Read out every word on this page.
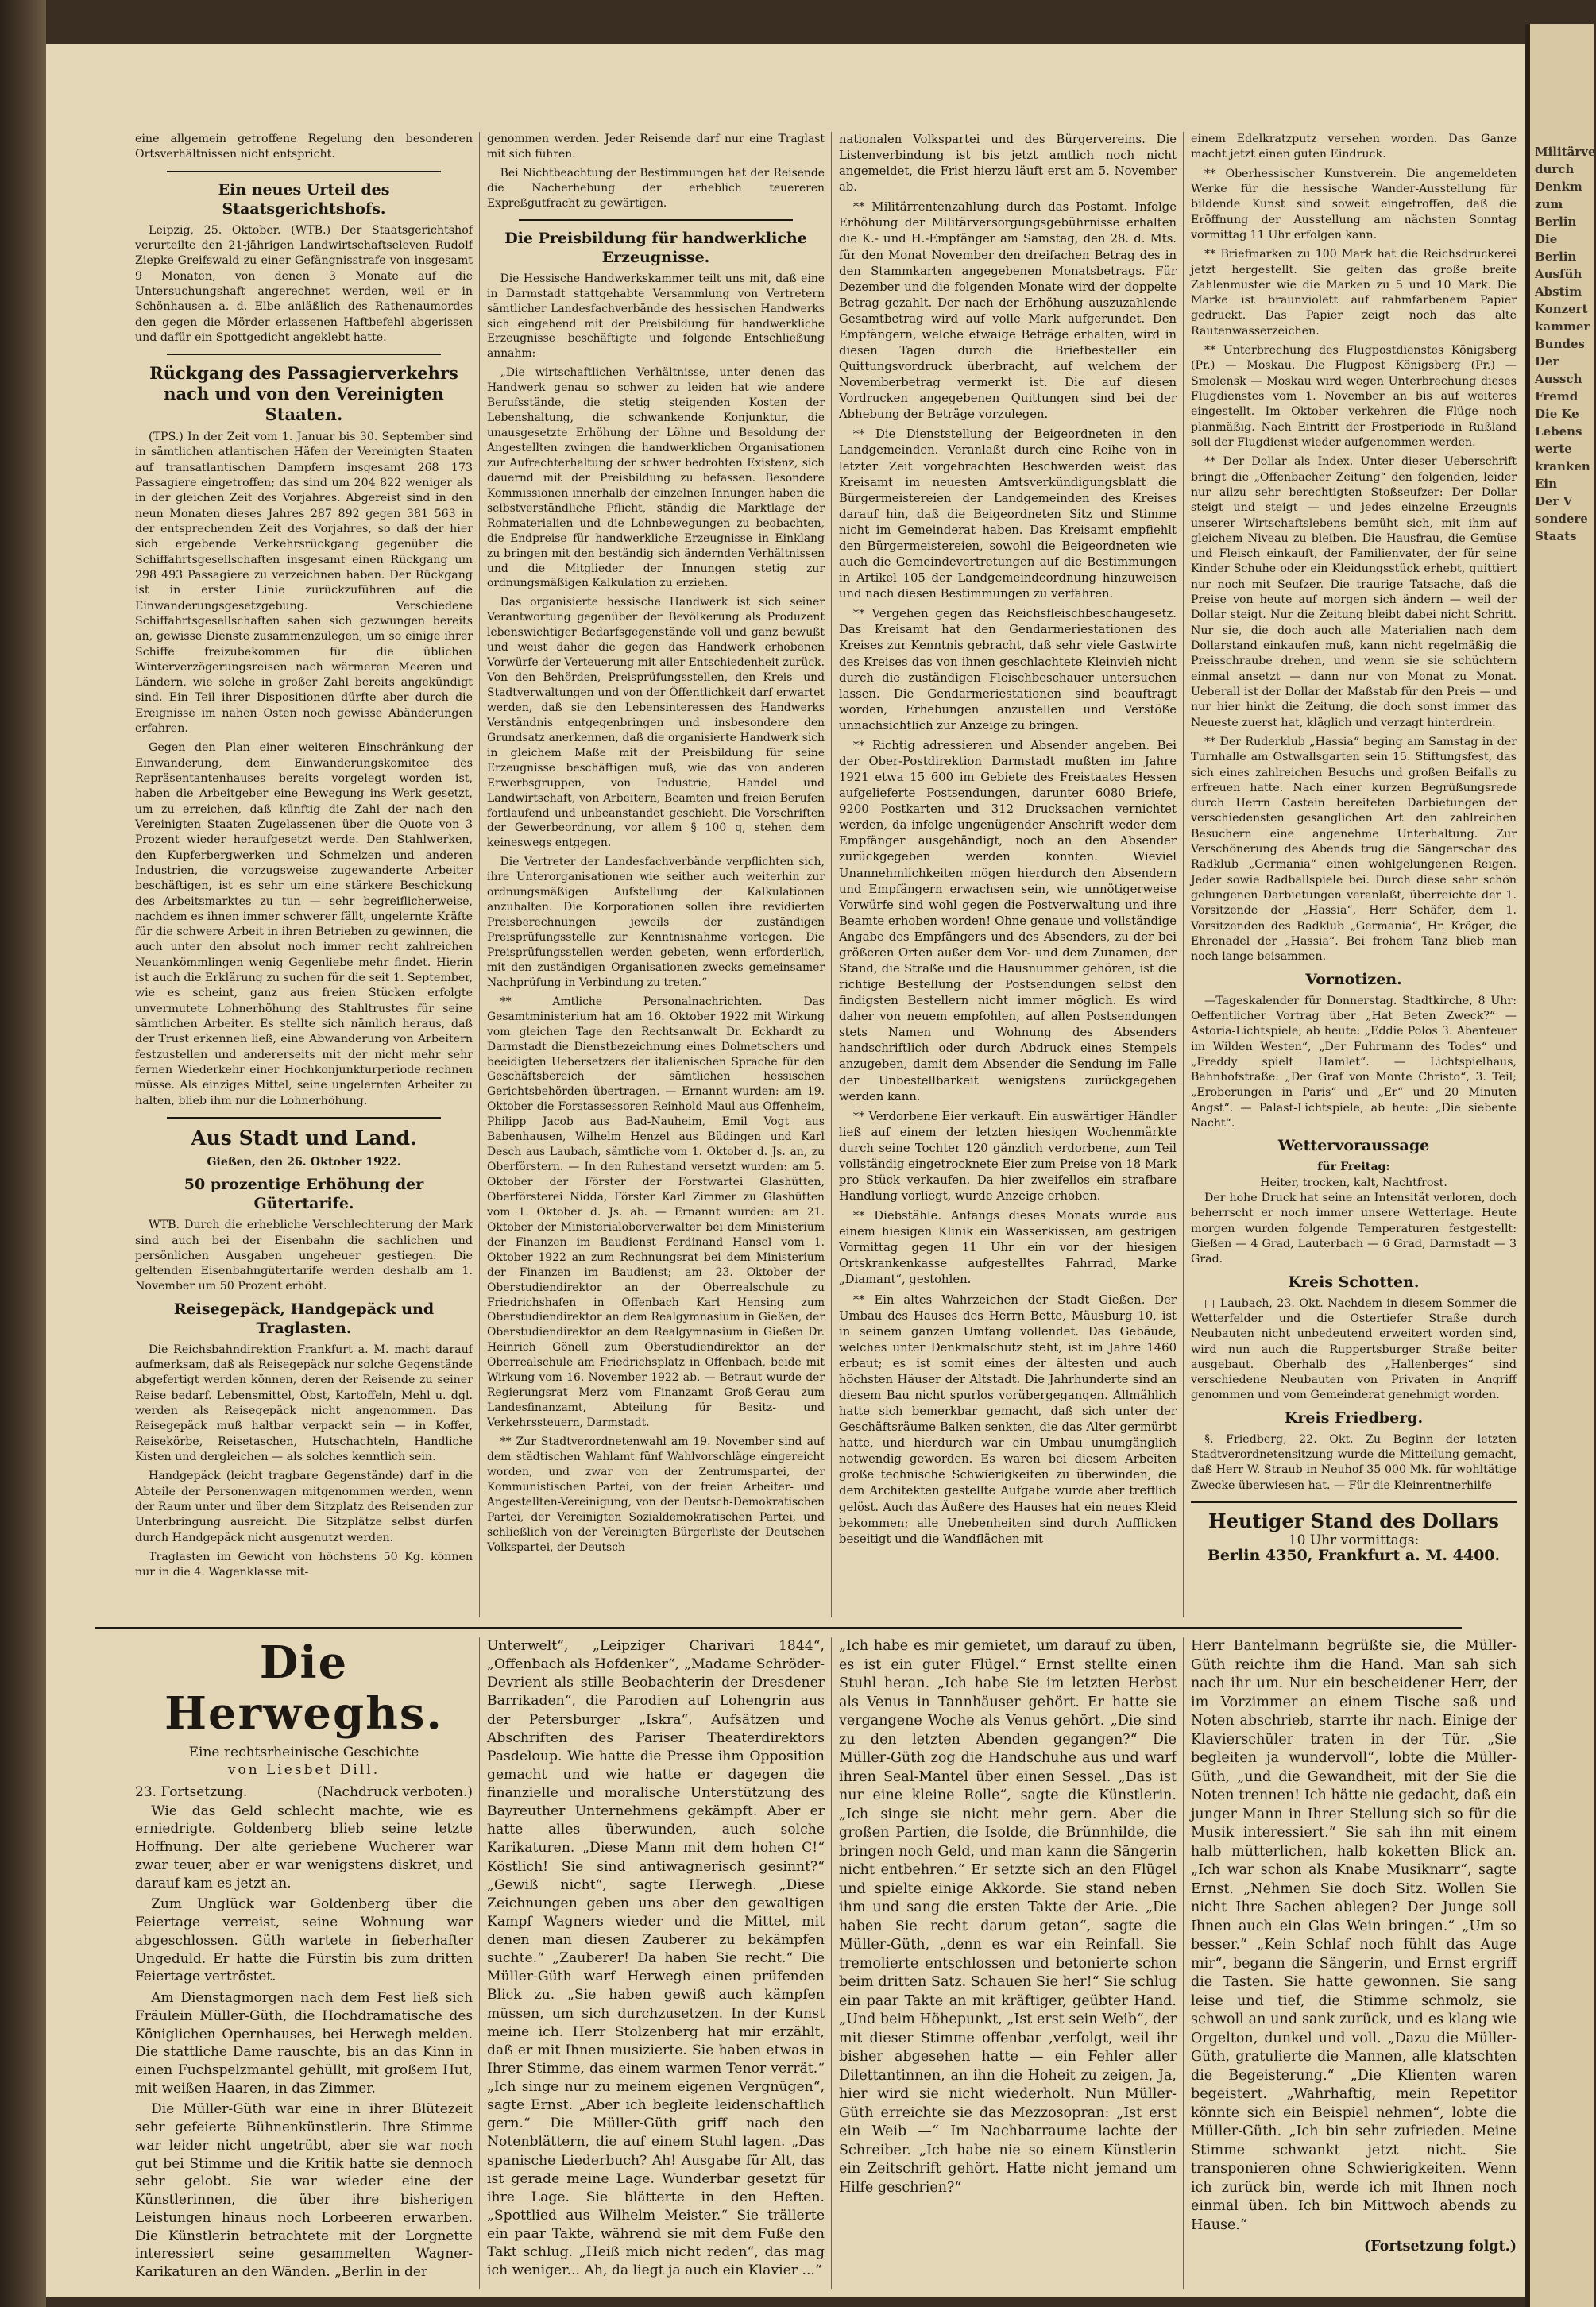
eine allgemein getroffene Regelung den besonderen Ortsverhältnissen nicht entspricht.

Ein neues Urteil des Staatsgerichtshofs.

Leipzig, 25. Oktober. (WTB.) Der Staatsgerichtshof verurteilte den 21-jährigen Landwirtschaftseleven Rudolf Ziepke-Greifswald zu einer Gefängnisstrafe von insgesamt 9 Monaten, von denen 3 Monate auf die Untersuchungshaft angerechnet werden, weil er in Schönhausen a. d. Elbe anläßlich des Rathenaumordes den gegen die Mörder erlassenen Haftbefehl abgerissen und dafür ein Spottgedicht angeklebt hatte.

Rückgang des Passagierverkehrs nach und von den Vereinigten Staaten.

(TPS.) In der Zeit vom 1. Januar bis 30. September sind in sämtlichen atlantischen Häfen der Vereinigten Staaten auf transatlantischen Dampfern insgesamt 268 173 Passagiere eingetroffen; das sind um 204 822 weniger als in der gleichen Zeit des Vorjahres. Abgereist sind in den neun Monaten dieses Jahres 287 892 gegen 381 563 in der entsprechenden Zeit des Vorjahres, so daß der hier sich ergebende Verkehrsrückgang gegenüber die Schiffahrtsgesellschaften insgesamt einen Rückgang um 298 493 Passagiere zu verzeichnen haben. Der Rückgang ist in erster Linie zurückzuführen auf die Einwanderungsgesetzgebung. Verschiedene Schiffahrtsgesellschaften sahen sich gezwungen bereits an, gewisse Dienste zusammenzulegen, um so einige ihrer Schiffe freizubekommen für die üblichen Winterverzögerungsreisen nach wärmeren Meeren und Ländern, wie solche in großer Zahl bereits angekündigt sind. Ein Teil ihrer Dispositionen dürfte aber durch die Ereignisse im nahen Osten noch gewisse Abänderungen erfahren.

Gegen den Plan einer weiteren Einschränkung der Einwanderung, dem Einwanderungskomitee des Repräsentantenhauses bereits vorgelegt worden ist, haben die Arbeitgeber eine Bewegung ins Werk gesetzt, um zu erreichen, daß künftig die Zahl der nach den Vereinigten Staaten Zugelassenen über die Quote von 3 Prozent wieder heraufgesetzt werde. Den Stahlwerken, den Kupferbergwerken und Schmelzen und anderen Industrien, die vorzugsweise zugewanderte Arbeiter beschäftigen, ist es sehr um eine stärkere Beschickung des Arbeitsmarktes zu tun — sehr begreiflicherweise, nachdem es ihnen immer schwerer fällt, ungelernte Kräfte für die schwere Arbeit in ihren Betrieben zu gewinnen, die auch unter den absolut noch immer recht zahlreichen Neuankömmlingen wenig Gegenliebe mehr findet. Hierin ist auch die Erklärung zu suchen für die seit 1. September, wie es scheint, ganz aus freien Stücken erfolgte unvermutete Lohnerhöhung des Stahltrustes für seine sämtlichen Arbeiter. Es stellte sich nämlich heraus, daß der Trust erkennen ließ, eine Abwanderung von Arbeitern festzustellen und andererseits mit der nicht mehr sehr fernen Wiederkehr einer Hochkonjunkturperiode rechnen müsse. Als einziges Mittel, seine ungelernten Arbeiter zu halten, blieb ihm nur die Lohnerhöhung.

Aus Stadt und Land.
Gießen, den 26. Oktober 1922.
50 prozentige Erhöhung der Gütertarife.

WTB. Durch die erhebliche Verschlechterung der Mark sind auch bei der Eisenbahn die sachlichen und persönlichen Ausgaben ungeheuer gestiegen. Die geltenden Eisenbahngütertarife werden deshalb am 1. November um 50 Prozent erhöht.

Reisegepäck, Handgepäck und Traglasten.

Die Reichsbahndirektion Frankfurt a. M. macht darauf aufmerksam, daß als Reisegepäck nur solche Gegenstände abgefertigt werden können, deren der Reisende zu seiner Reise bedarf. Lebensmittel, Obst, Kartoffeln, Mehl u. dgl. werden als Reisegepäck nicht angenommen. Das Reisegepäck muß haltbar verpackt sein — in Koffer, Reisekörbe, Reisetaschen, Hutschachteln, Handliche Kisten und dergleichen — als solches kenntlich sein.

Handgepäck (leicht tragbare Gegenstände) darf in die Abteile der Personenwagen mitgenommen werden, wenn der Raum unter und über dem Sitzplatz des Reisenden zur Unterbringung ausreicht. Die Sitzplätze selbst dürfen durch Handgepäck nicht ausgenutzt werden.

Traglasten im Gewicht von höchstens 50 Kg. können nur in die 4. Wagenklasse mit-

genommen werden. Jeder Reisende darf nur eine Traglast mit sich führen.

Bei Nichtbeachtung der Bestimmungen hat der Reisende die Nacherhebung der erheblich teuereren Expreßgutfracht zu gewärtigen.

Die Preisbildung für handwerkliche Erzeugnisse.

Die Hessische Handwerkskammer teilt uns mit, daß eine in Darmstadt stattgehabte Versammlung von Vertretern sämtlicher Landesfachverbände des hessischen Handwerks sich eingehend mit der Preisbildung für handwerkliche Erzeugnisse beschäftigte und folgende Entschließung annahm:

„Die wirtschaftlichen Verhältnisse, unter denen das Handwerk genau so schwer zu leiden hat wie andere Berufsstände, die stetig steigenden Kosten der Lebenshaltung, die schwankende Konjunktur, die unausgesetzte Erhöhung der Löhne und Besoldung der Angestellten zwingen die handwerklichen Organisationen zur Aufrechterhaltung der schwer bedrohten Existenz, sich dauernd mit der Preisbildung zu befassen. Besondere Kommissionen innerhalb der einzelnen Innungen haben die selbstverständliche Pflicht, ständig die Marktlage der Rohmaterialien und die Lohnbewegungen zu beobachten, die Endpreise für handwerkliche Erzeugnisse in Einklang zu bringen mit den beständig sich ändernden Verhältnissen und die Mitglieder der Innungen stetig zur ordnungsmäßigen Kalkulation zu erziehen.

Das organisierte hessische Handwerk ist sich seiner Verantwortung gegenüber der Bevölkerung als Produzent lebenswichtiger Bedarfsgegenstände voll und ganz bewußt und weist daher die gegen das Handwerk erhobenen Vorwürfe der Verteuerung mit aller Entschiedenheit zurück. Von den Behörden, Preisprüfungsstellen, den Kreis- und Stadtverwaltungen und von der Öffentlichkeit darf erwartet werden, daß sie den Lebensinteressen des Handwerks Verständnis entgegenbringen und insbesondere den Grundsatz anerkennen, daß die organisierte Handwerk sich in gleichem Maße mit der Preisbildung für seine Erzeugnisse beschäftigen muß, wie das von anderen Erwerbsgruppen, von Industrie, Handel und Landwirtschaft, von Arbeitern, Beamten und freien Berufen fortlaufend und unbeanstandet geschieht. Die Vorschriften der Gewerbeordnung, vor allem § 100 q, stehen dem keineswegs entgegen.

Die Vertreter der Landesfachverbände verpflichten sich, ihre Unterorganisationen wie seither auch weiterhin zur ordnungsmäßigen Aufstellung der Kalkulationen anzuhalten. Die Korporationen sollen ihre revidierten Preisberechnungen jeweils der zuständigen Preisprüfungsstelle zur Kenntnisnahme vorlegen. Die Preisprüfungsstellen werden gebeten, wenn erforderlich, mit den zuständigen Organisationen zwecks gemeinsamer Nachprüfung in Verbindung zu treten.“

** Amtliche Personalnachrichten. Das Gesamtministerium hat am 16. Oktober 1922 mit Wirkung vom gleichen Tage den Rechtsanwalt Dr. Eckhardt zu Darmstadt die Dienstbezeichnung eines Dolmetschers und beeidigten Uebersetzers der italienischen Sprache für den Geschäftsbereich der sämtlichen hessischen Gerichtsbehörden übertragen. — Ernannt wurden: am 19. Oktober die Forstassessoren Reinhold Maul aus Offenheim, Philipp Jacob aus Bad-Nauheim, Emil Vogt aus Babenhausen, Wilhelm Henzel aus Büdingen und Karl Desch aus Laubach, sämtliche vom 1. Oktober d. Js. an, zu Oberförstern. — In den Ruhestand versetzt wurden: am 5. Oktober der Förster der Forstwartei Glashütten, Oberförsterei Nidda, Förster Karl Zimmer zu Glashütten vom 1. Oktober d. Js. ab. — Ernannt wurden: am 21. Oktober der Ministerialoberverwalter bei dem Ministerium der Finanzen im Baudienst Ferdinand Hansel vom 1. Oktober 1922 an zum Rechnungsrat bei dem Ministerium der Finanzen im Baudienst; am 23. Oktober der Oberstudiendirektor an der Oberrealschule zu Friedrichshafen in Offenbach Karl Hensing zum Oberstudiendirektor an dem Realgymnasium in Gießen, der Oberstudiendirektor an dem Realgymnasium in Gießen Dr. Heinrich Gönell zum Oberstudiendirektor an der Oberrealschule am Friedrichsplatz in Offenbach, beide mit Wirkung vom 16. November 1922 ab. — Betraut wurde der Regierungsrat Merz vom Finanzamt Groß-Gerau zum Landesfinanzamt, Abteilung für Besitz- und Verkehrssteuern, Darmstadt.

** Zur Stadtverordnetenwahl am 19. November sind auf dem städtischen Wahlamt fünf Wahlvorschläge eingereicht worden, und zwar von der Zentrumspartei, der Kommunistischen Partei, von der freien Arbeiter- und Angestellten-Vereinigung, von der Deutsch-Demokratischen Partei, der Vereinigten Sozialdemokratischen Partei, und schließlich von der Vereinigten Bürgerliste der Deutschen Volkspartei, der Deutsch-

nationalen Volkspartei und des Bürgervereins. Die Listenverbindung ist bis jetzt amtlich noch nicht angemeldet, die Frist hierzu läuft erst am 5. November ab.

** Militärrentenzahlung durch das Postamt. Infolge Erhöhung der Militärversorgungsgebührnisse erhalten die K.- und H.-Empfänger am Samstag, den 28. d. Mts. für den Monat November den dreifachen Betrag des in den Stammkarten angegebenen Monatsbetrags. Für Dezember und die folgenden Monate wird der doppelte Betrag gezahlt. Der nach der Erhöhung auszuzahlende Gesamtbetrag wird auf volle Mark aufgerundet. Den Empfängern, welche etwaige Beträge erhalten, wird in diesen Tagen durch die Briefbesteller ein Quittungsvordruck überbracht, auf welchem der Novemberbetrag vermerkt ist. Die auf diesen Vordrucken angegebenen Quittungen sind bei der Abhebung der Beträge vorzulegen.

** Die Dienststellung der Beigeordneten in den Landgemeinden. Veranlaßt durch eine Reihe von in letzter Zeit vorgebrachten Beschwerden weist das Kreisamt im neuesten Amtsverkündigungsblatt die Bürgermeistereien der Landgemeinden des Kreises darauf hin, daß die Beigeordneten Sitz und Stimme nicht im Gemeinderat haben. Das Kreisamt empfiehlt den Bürgermeistereien, sowohl die Beigeordneten wie auch die Gemeindevertretungen auf die Bestimmungen in Artikel 105 der Landgemeindeordnung hinzuweisen und nach diesen Bestimmungen zu verfahren.

** Vergehen gegen das Reichsfleischbeschaugesetz. Das Kreisamt hat den Gendarmeriestationen des Kreises zur Kenntnis gebracht, daß sehr viele Gastwirte des Kreises das von ihnen geschlachtete Kleinvieh nicht durch die zuständigen Fleischbeschauer untersuchen lassen. Die Gendarmeriestationen sind beauftragt worden, Erhebungen anzustellen und Verstöße unnachsichtlich zur Anzeige zu bringen.

** Richtig adressieren und Absender angeben. Bei der Ober-Postdirektion Darmstadt mußten im Jahre 1921 etwa 15 600 im Gebiete des Freistaates Hessen aufgelieferte Postsendungen, darunter 6080 Briefe, 9200 Postkarten und 312 Drucksachen vernichtet werden, da infolge ungenügender Anschrift weder dem Empfänger ausgehändigt, noch an den Absender zurückgegeben werden konnten. Wieviel Unannehmlichkeiten mögen hierdurch den Absendern und Empfängern erwachsen sein, wie unnötigerweise Vorwürfe sind wohl gegen die Postverwaltung und ihre Beamte erhoben worden! Ohne genaue und vollständige Angabe des Empfängers und des Absenders, zu der bei größeren Orten außer dem Vor- und dem Zunamen, der Stand, die Straße und die Hausnummer gehören, ist die richtige Bestellung der Postsendungen selbst den findigsten Bestellern nicht immer möglich. Es wird daher von neuem empfohlen, auf allen Postsendungen stets Namen und Wohnung des Absenders handschriftlich oder durch Abdruck eines Stempels anzugeben, damit dem Absender die Sendung im Falle der Unbestellbarkeit wenigstens zurückgegeben werden kann.

** Verdorbene Eier verkauft. Ein auswärtiger Händler ließ auf einem der letzten hiesigen Wochenmärkte durch seine Tochter 120 gänzlich verdorbene, zum Teil vollständig eingetrocknete Eier zum Preise von 18 Mark pro Stück verkaufen. Da hier zweifellos ein strafbare Handlung vorliegt, wurde Anzeige erhoben.

** Diebstähle. Anfangs dieses Monats wurde aus einem hiesigen Klinik ein Wasserkissen, am gestrigen Vormittag gegen 11 Uhr ein vor der hiesigen Ortskrankenkasse aufgestelltes Fahrrad, Marke „Diamant“, gestohlen.

** Ein altes Wahrzeichen der Stadt Gießen. Der Umbau des Hauses des Herrn Bette, Mäusburg 10, ist in seinem ganzen Umfang vollendet. Das Gebäude, welches unter Denkmalschutz steht, ist im Jahre 1460 erbaut; es ist somit eines der ältesten und auch höchsten Häuser der Altstadt. Die Jahrhunderte sind an diesem Bau nicht spurlos vorübergegangen. Allmählich hatte sich bemerkbar gemacht, daß sich unter der Geschäftsräume Balken senkten, die das Alter germürbt hatte, und hierdurch war ein Umbau unumgänglich notwendig geworden. Es waren bei diesem Arbeiten große technische Schwierigkeiten zu überwinden, die dem Architekten gestellte Aufgabe wurde aber trefflich gelöst. Auch das Äußere des Hauses hat ein neues Kleid bekommen; alle Unebenheiten sind durch Aufflicken beseitigt und die Wandflächen mit

einem Edelkratzputz versehen worden. Das Ganze macht jetzt einen guten Eindruck.

** Oberhessischer Kunstverein. Die angemeldeten Werke für die hessische Wander-Ausstellung für bildende Kunst sind soweit eingetroffen, daß die Eröffnung der Ausstellung am nächsten Sonntag vormittag 11 Uhr erfolgen kann.

** Briefmarken zu 100 Mark hat die Reichsdruckerei jetzt hergestellt. Sie gelten das große breite Zahlenmuster wie die Marken zu 5 und 10 Mark. Die Marke ist braunviolett auf rahmfarbenem Papier gedruckt. Das Papier zeigt noch das alte Rautenwasserzeichen.

** Unterbrechung des Flugpostdienstes Königsberg (Pr.) — Moskau. Die Flugpost Königsberg (Pr.) — Smolensk — Moskau wird wegen Unterbrechung dieses Flugdienstes vom 1. November an bis auf weiteres eingestellt. Im Oktober verkehren die Flüge noch planmäßig. Nach Eintritt der Frostperiode in Rußland soll der Flugdienst wieder aufgenommen werden.

** Der Dollar als Index. Unter dieser Ueberschrift bringt die „Offenbacher Zeitung“ den folgenden, leider nur allzu sehr berechtigten Stoßseufzer: Der Dollar steigt und steigt — und jedes einzelne Erzeugnis unserer Wirtschaftslebens bemüht sich, mit ihm auf gleichem Niveau zu bleiben. Die Hausfrau, die Gemüse und Fleisch einkauft, der Familienvater, der für seine Kinder Schuhe oder ein Kleidungsstück erhebt, quittiert nur noch mit Seufzer. Die traurige Tatsache, daß die Preise von heute auf morgen sich ändern — weil der Dollar steigt. Nur die Zeitung bleibt dabei nicht Schritt. Nur sie, die doch auch alle Materialien nach dem Dollarstand einkaufen muß, kann nicht regelmäßig die Preisschraube drehen, und wenn sie sie schüchtern einmal ansetzt — dann nur von Monat zu Monat. Ueberall ist der Dollar der Maßstab für den Preis — und nur hier hinkt die Zeitung, die doch sonst immer das Neueste zuerst hat, kläglich und verzagt hinterdrein.

** Der Ruderklub „Hassia“ beging am Samstag in der Turnhalle am Ostwallsgarten sein 15. Stiftungsfest, das sich eines zahlreichen Besuchs und großen Beifalls zu erfreuen hatte. Nach einer kurzen Begrüßungsrede durch Herrn Castein bereiteten Darbietungen der verschiedensten gesanglichen Art den zahlreichen Besuchern eine angenehme Unterhaltung. Zur Verschönerung des Abends trug die Sängerschar des Radklub „Germania“ einen wohlgelungenen Reigen. Jeder sowie Radballspiele bei. Durch diese sehr schön gelungenen Darbietungen veranlaßt, überreichte der 1. Vorsitzende der „Hassia“, Herr Schäfer, dem 1. Vorsitzenden des Radklub „Germania“, Hr. Kröger, die Ehrenadel der „Hassia“. Bei frohem Tanz blieb man noch lange beisammen.

Vornotizen.

—Tageskalender für Donnerstag. Stadtkirche, 8 Uhr: Oeffentlicher Vortrag über „Hat Beten Zweck?“ — Astoria-Lichtspiele, ab heute: „Eddie Polos 3. Abenteuer im Wilden Westen“, „Der Fuhrmann des Todes“ und „Freddy spielt Hamlet“. — Lichtspielhaus, Bahnhofstraße: „Der Graf von Monte Christo“, 3. Teil; „Eroberungen in Paris“ und „Er“ und 20 Minuten Angst“. — Palast-Lichtspiele, ab heute: „Die siebente Nacht“.

Wettervoraussage
für Freitag:
Heiter, trocken, kalt, Nachtfrost.

Der hohe Druck hat seine an Intensität verloren, doch beherrscht er noch immer unsere Wetterlage. Heute morgen wurden folgende Temperaturen festgestellt: Gießen — 4 Grad, Lauterbach — 6 Grad, Darmstadt — 3 Grad.

Kreis Schotten.

□ Laubach, 23. Okt. Nachdem in diesem Sommer die Wetterfelder und die Ostertiefer Straße durch Neubauten nicht unbedeutend erweitert worden sind, wird nun auch die Ruppertsburger Straße beiter ausgebaut. Oberhalb des „Hallenberges“ sind verschiedene Neubauten von Privaten in Angriff genommen und vom Gemeinderat genehmigt worden.

Kreis Friedberg.

§. Friedberg, 22. Okt. Zu Beginn der letzten Stadtverordnetensitzung wurde die Mitteilung gemacht, daß Herr W. Straub in Neuhof 35 000 Mk. für wohltätige Zwecke überwiesen hat. — Für die Kleinrentnerhilfe

Heutiger Stand des Dollars
10 Uhr vormittags:
Berlin 4350, Frankfurt a. M. 4400.
Die Herweghs.
Eine rechtsrheinische Geschichte
von Liesbet Dill.
23. Fortsetzung.	(Nachdruck verboten.)

Wie das Geld schlecht machte, wie es erniedrigte. Goldenberg blieb seine letzte Hoffnung. Der alte geriebene Wucherer war zwar teuer, aber er war wenigstens diskret, und darauf kam es jetzt an.

Zum Unglück war Goldenberg über die Feiertage verreist, seine Wohnung war abgeschlossen. Güth wartete in fieberhafter Ungeduld. Er hatte die Fürstin bis zum dritten Feiertage vertröstet.

Am Dienstagmorgen nach dem Fest ließ sich Fräulein Müller-Güth, die Hochdramatische des Königlichen Opernhauses, bei Herwegh melden. Die stattliche Dame rauschte, bis an das Kinn in einen Fuchspelzmantel gehüllt, mit großem Hut, mit weißen Haaren, in das Zimmer.

Die Müller-Güth war eine in ihrer Blütezeit sehr gefeierte Bühnenkünstlerin. Ihre Stimme war leider nicht ungetrübt, aber sie war noch gut bei Stimme und die Kritik hatte sie dennoch sehr gelobt. Sie war wieder eine der Künstlerinnen, die über ihre bisherigen Leistungen hinaus noch Lorbeeren erwarben. Die Künstlerin betrachtete mit der Lorgnette interessiert seine gesammelten Wagner-Karikaturen an den Wänden. „Berlin in der

Unterwelt“, „Leipziger Charivari 1844“, „Offenbach als Hofdenker“, „Madame Schröder-Devrient als stille Beobachterin der Dresdener Barrikaden“, die Parodien auf Lohengrin aus der Petersburger „Iskra“, Aufsätzen und Abschriften des Pariser Theaterdirektors Pasdeloup. Wie hatte die Presse ihm Opposition gemacht und wie hatte er dagegen die finanzielle und moralische Unterstützung des Bayreuther Unternehmens gekämpft. Aber er hatte alles überwunden, auch solche Karikaturen. „Diese Mann mit dem hohen C!“ Köstlich! Sie sind antiwagnerisch gesinnt?“ „Gewiß nicht“, sagte Herwegh. „Diese Zeichnungen geben uns aber den gewaltigen Kampf Wagners wieder und die Mittel, mit denen man diesen Zauberer zu bekämpfen suchte.“ „Zauberer! Da haben Sie recht.“ Die Müller-Güth warf Herwegh einen prüfenden Blick zu. „Sie haben gewiß auch kämpfen müssen, um sich durchzusetzen. In der Kunst meine ich. Herr Stolzenberg hat mir erzählt, daß er mit Ihnen musizierte. Sie haben etwas in Ihrer Stimme, das einem warmen Tenor verrät.“ „Ich singe nur zu meinem eigenen Vergnügen“, sagte Ernst. „Aber ich begleite leidenschaftlich gern.“ Die Müller-Güth griff nach den Notenblättern, die auf einem Stuhl lagen. „Das spanische Liederbuch? Ah! Ausgabe für Alt, das ist gerade meine Lage. Wunderbar gesetzt für ihre Lage. Sie blätterte in den Heften. „Spottlied aus Wilhelm Meister.“ Sie trällerte ein paar Takte, während sie mit dem Fuße den Takt schlug. „Heiß mich nicht reden“, das mag ich weniger... Ah, da liegt ja auch ein Klavier ...“

„Ich habe es mir gemietet, um darauf zu üben, es ist ein guter Flügel.“ Ernst stellte einen Stuhl heran. „Ich habe Sie im letzten Herbst als Venus in Tannhäuser gehört. Er hatte sie vergangene Woche als Venus gehört. „Die sind zu den letzten Abenden gegangen?“ Die Müller-Güth zog die Handschuhe aus und warf ihren Seal-Mantel über einen Sessel. „Das ist nur eine kleine Rolle“, sagte die Künstlerin. „Ich singe sie nicht mehr gern. Aber die großen Partien, die Isolde, die Brünnhilde, die bringen noch Geld, und man kann die Sängerin nicht entbehren.“ Er setzte sich an den Flügel und spielte einige Akkorde. Sie stand neben ihm und sang die ersten Takte der Arie. „Die haben Sie recht darum getan“, sagte die Müller-Güth, „denn es war ein Reinfall. Sie tremolierte entschlossen und betonierte schon beim dritten Satz. Schauen Sie her!“ Sie schlug ein paar Takte an mit kräftiger, geübter Hand. „Und beim Höhepunkt, „Ist erst sein Weib“, der mit dieser Stimme offenbar ‚verfolgt, weil ihr bisher abgesehen hatte — ein Fehler aller Dilettantinnen, an ihn die Hoheit zu zeigen, Ja, hier wird sie nicht wiederholt. Nun Müller-Güth erreichte sie das Mezzosopran: „Ist erst ein Weib —“ Im Nachbarraume lachte der Schreiber. „Ich habe nie so einem Künstlerin ein Zeitschrift gehört. Hatte nicht jemand um Hilfe geschrien?“

Herr Bantelmann begrüßte sie, die Müller-Güth reichte ihm die Hand. Man sah sich nach ihr um. Nur ein bescheidener Herr, der im Vorzimmer an einem Tische saß und Noten abschrieb, starrte ihr nach. Einige der Klavierschüler traten in der Tür. „Sie begleiten ja wundervoll“, lobte die Müller-Güth, „und die Gewandheit, mit der Sie die Noten trennen! Ich hätte nie gedacht, daß ein junger Mann in Ihrer Stellung sich so für die Musik interessiert.“ Sie sah ihn mit einem halb mütterlichen, halb koketten Blick an. „Ich war schon als Knabe Musiknarr“, sagte Ernst. „Nehmen Sie doch Sitz. Wollen Sie nicht Ihre Sachen ablegen? Der Junge soll Ihnen auch ein Glas Wein bringen.“ „Um so besser.“ „Kein Schlaf noch fühlt das Auge mir“, begann die Sängerin, und Ernst ergriff die Tasten. Sie hatte gewonnen. Sie sang leise und tief, die Stimme schmolz, sie schwoll an und sank zurück, und es klang wie Orgelton, dunkel und voll. „Dazu die Müller-Güth, gratulierte die Mannen, alle klatschten die Begeisterung.“ „Die Klienten waren begeistert. „Wahrhaftig, mein Repetitor könnte sich ein Beispiel nehmen“, lobte die Müller-Güth. „Ich bin sehr zufrieden. Meine Stimme schwankt jetzt nicht. Sie transponieren ohne Schwierigkeiten. Wenn ich zurück bin, werde ich mit Ihnen noch einmal üben. Ich bin Mittwoch abends zu Hause.“

(Fortsetzung folgt.)
Militärve
durch
Denkm
zum
Berlin
Die
Berlin
Ausfüh
Abstim
Konzert
kammer
Bundes
Der
Aussch
Fremd
Die Ke
Lebens
werte
kranken
Ein
Der V
sondere
Staats
